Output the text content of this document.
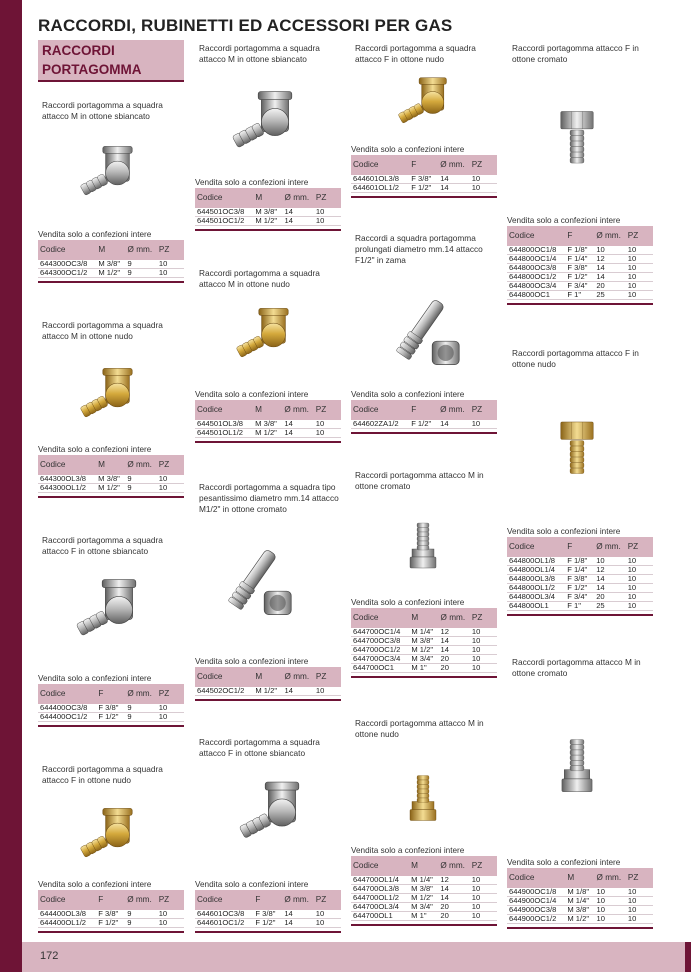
172
RACCORDI, RUBINETTI ED ACCESSORI PER GAS
RACCORDI
PORTAGOMMA
Raccordi portagomma a squadra attacco M in ottone sbiancato
Vendita solo a confezioni intere
Codice	M	Ø mm.	PZ
644300OC3/8	M 3/8"	9	10
644300OC1/2	M 1/2"	9	10
Raccordi portagomma a squadra attacco M in ottone nudo
Vendita solo a confezioni intere
Codice	M	Ø mm.	PZ
644300OL3/8	M 3/8"	9	10
644300OL1/2	M 1/2"	9	10
Raccordi portagomma a squadra attacco F in ottone sbiancato
Vendita solo a confezioni intere
Codice	F	Ø mm.	PZ
644400OC3/8	F 3/8"	9	10
644400OC1/2	F 1/2"	9	10
Raccordi portagomma a squadra attacco F in ottone nudo
Vendita solo a confezioni intere
Codice	F	Ø mm.	PZ
644400OL3/8	F 3/8"	9	10
644400OL1/2	F 1/2"	9	10
Raccordi portagomma a squadra attacco M in ottone sbiancato
Vendita solo a confezioni intere
Codice	M	Ø mm.	PZ
644501OC3/8	M 3/8"	14	10
644501OC1/2	M 1/2"	14	10
Raccordi portagomma a squadra attacco M in ottone nudo
Vendita solo a confezioni intere
Codice	M	Ø mm.	PZ
644501OL3/8	M 3/8"	14	10
644501OL1/2	M 1/2"	14	10
Raccordi portagomma a squadra tipo pesantissimo diametro mm.14 attacco M1/2" in ottone cromato
Vendita solo a confezioni intere
Codice	M	Ø mm.	PZ
644502OC1/2	M 1/2"	14	10
Raccordi portagomma a squadra attacco F in ottone sbiancato
Vendita solo a confezioni intere
Codice	F	Ø mm.	PZ
644601OC3/8	F 3/8"	14	10
644601OC1/2	F 1/2"	14	10
Raccordi portagomma a squadra attacco F in ottone nudo
Vendita solo a confezioni intere
Codice	F	Ø mm.	PZ
644601OL3/8	F 3/8"	14	10
644601OL1/2	F 1/2"	14	10
Raccordi a squadra portagomma prolungati diametro mm.14 attacco F1/2" in zama
Vendita solo a confezioni intere
Codice	F	Ø mm.	PZ
644602ZA1/2	F 1/2"	14	10
Raccordi portagomma attacco M in ottone cromato
Vendita solo a confezioni intere
Codice	M	Ø mm.	PZ
644700OC1/4	M 1/4"	12	10
644700OC3/8	M 3/8"	14	10
644700OC1/2	M 1/2"	14	10
644700OC3/4	M 3/4"	20	10
644700OC1	M 1"	20	10
Raccordi portagomma attacco M in ottone nudo
Vendita solo a confezioni intere
Codice	M	Ø mm.	PZ
644700OL1/4	M 1/4"	12	10
644700OL3/8	M 3/8"	14	10
644700OL1/2	M 1/2"	14	10
644700OL3/4	M 3/4"	20	10
644700OL1	M 1"	20	10
Raccordi portagomma attacco F in ottone cromato
Vendita solo a confezioni intere
Codice	F	Ø mm.	PZ
644800OC1/8	F 1/8"	10	10
644800OC1/4	F 1/4"	12	10
644800OC3/8	F 3/8"	14	10
644800OC1/2	F 1/2"	14	10
644800OC3/4	F 3/4"	20	10
644800OC1	F 1"	25	10
Raccordi portagomma attacco F in ottone nudo
Vendita solo a confezioni intere
Codice	F	Ø mm.	PZ
644800OL1/8	F 1/8"	10	10
644800OL1/4	F 1/4"	12	10
644800OL3/8	F 3/8"	14	10
644800OL1/2	F 1/2"	14	10
644800OL3/4	F 3/4"	20	10
644800OL1	F 1"	25	10
Raccordi portagomma attacco M in ottone cromato
Vendita solo a confezioni intere
Codice	M	Ø mm.	PZ
644900OC1/8	M 1/8"	10	10
644900OC1/4	M 1/4"	10	10
644900OC3/8	M 3/8"	10	10
644900OC1/2	M 1/2"	10	10
